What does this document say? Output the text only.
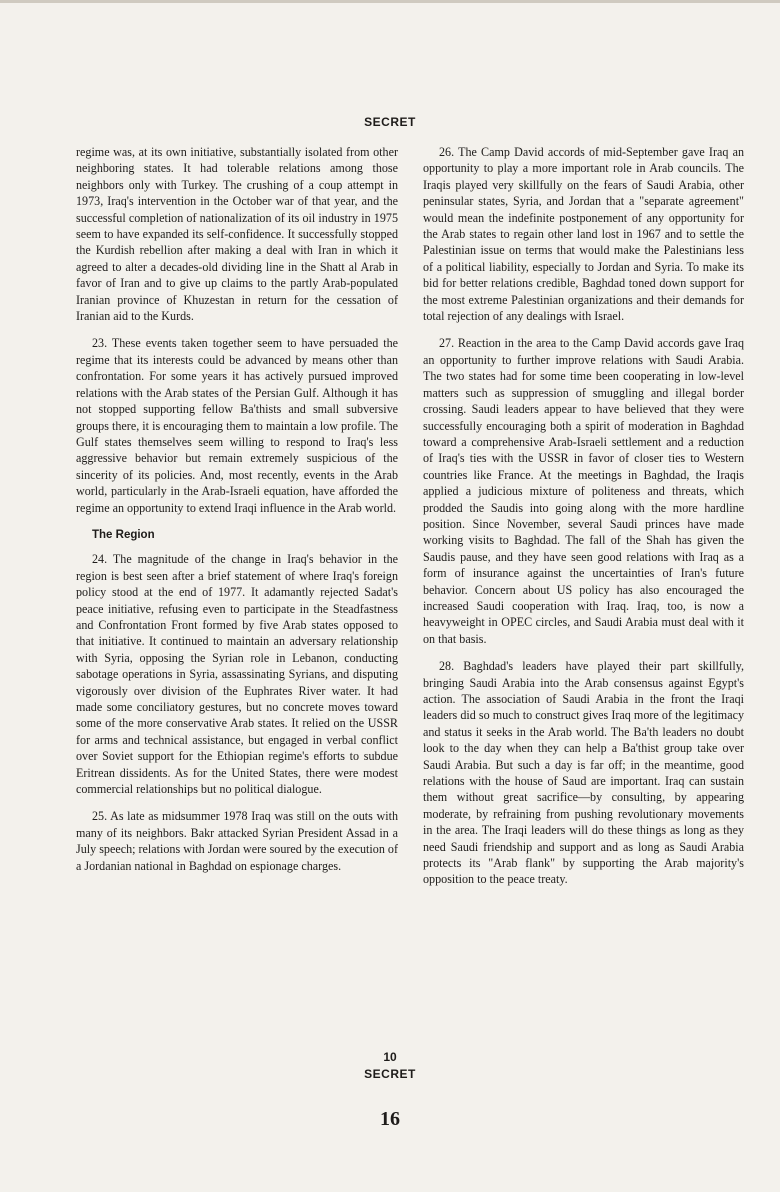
SECRET

regime was, at its own initiative, substantially isolated from other neighboring states. It had tolerable relations among those neighbors only with Turkey. The crushing of a coup attempt in 1973, Iraq's intervention in the October war of that year, and the successful completion of nationalization of its oil industry in 1975 seem to have expanded its self-confidence. It successfully stopped the Kurdish rebellion after making a deal with Iran in which it agreed to alter a decades-old dividing line in the Shatt al Arab in favor of Iran and to give up claims to the partly Arab-populated Iranian province of Khuzestan in return for the cessation of Iranian aid to the Kurds.

23. These events taken together seem to have persuaded the regime that its interests could be advanced by means other than confrontation. For some years it has actively pursued improved relations with the Arab states of the Persian Gulf. Although it has not stopped supporting fellow Ba'thists and small subversive groups there, it is encouraging them to maintain a low profile. The Gulf states themselves seem willing to respond to Iraq's less aggressive behavior but remain extremely suspicious of the sincerity of its policies. And, most recently, events in the Arab world, particularly in the Arab-Israeli equation, have afforded the regime an opportunity to extend Iraqi influence in the Arab world.

The Region

24. The magnitude of the change in Iraq's behavior in the region is best seen after a brief statement of where Iraq's foreign policy stood at the end of 1977. It adamantly rejected Sadat's peace initiative, refusing even to participate in the Steadfastness and Confrontation Front formed by five Arab states opposed to that initiative. It continued to maintain an adversary relationship with Syria, opposing the Syrian role in Lebanon, conducting sabotage operations in Syria, assassinating Syrians, and disputing vigorously over division of the Euphrates River water. It had made some conciliatory gestures, but no concrete moves toward some of the more conservative Arab states. It relied on the USSR for arms and technical assistance, but engaged in verbal conflict over Soviet support for the Ethiopian regime's efforts to subdue Eritrean dissidents. As for the United States, there were modest commercial relationships but no political dialogue.

25. As late as midsummer 1978 Iraq was still on the outs with many of its neighbors. Bakr attacked Syrian President Assad in a July speech; relations with Jordan were soured by the execution of a Jordanian national in Baghdad on espionage charges.

26. The Camp David accords of mid-September gave Iraq an opportunity to play a more important role in Arab councils. The Iraqis played very skillfully on the fears of Saudi Arabia, other peninsular states, Syria, and Jordan that a "separate agreement" would mean the indefinite postponement of any opportunity for the Arab states to regain other land lost in 1967 and to settle the Palestinian issue on terms that would make the Palestinians less of a political liability, especially to Jordan and Syria. To make its bid for better relations credible, Baghdad toned down support for the most extreme Palestinian organizations and their demands for total rejection of any dealings with Israel.

27. Reaction in the area to the Camp David accords gave Iraq an opportunity to further improve relations with Saudi Arabia. The two states had for some time been cooperating in low-level matters such as suppression of smuggling and illegal border crossing. Saudi leaders appear to have believed that they were successfully encouraging both a spirit of moderation in Baghdad toward a comprehensive Arab-Israeli settlement and a reduction of Iraq's ties with the USSR in favor of closer ties to Western countries like France. At the meetings in Baghdad, the Iraqis applied a judicious mixture of politeness and threats, which prodded the Saudis into going along with the more hardline position. Since November, several Saudi princes have made working visits to Baghdad. The fall of the Shah has given the Saudis pause, and they have seen good relations with Iraq as a form of insurance against the uncertainties of Iran's future behavior. Concern about US policy has also encouraged the increased Saudi cooperation with Iraq. Iraq, too, is now a heavyweight in OPEC circles, and Saudi Arabia must deal with it on that basis.

28. Baghdad's leaders have played their part skillfully, bringing Saudi Arabia into the Arab consensus against Egypt's action. The association of Saudi Arabia in the front the Iraqi leaders did so much to construct gives Iraq more of the legitimacy and status it seeks in the Arab world. The Ba'th leaders no doubt look to the day when they can help a Ba'thist group take over Saudi Arabia. But such a day is far off; in the meantime, good relations with the house of Saud are important. Iraq can sustain them without great sacrifice—by consulting, by appearing moderate, by refraining from pushing revolutionary movements in the area. The Iraqi leaders will do these things as long as they need Saudi friendship and support and as long as Saudi Arabia protects its "Arab flank" by supporting the Arab majority's opposition to the peace treaty.

10
SECRET
16
